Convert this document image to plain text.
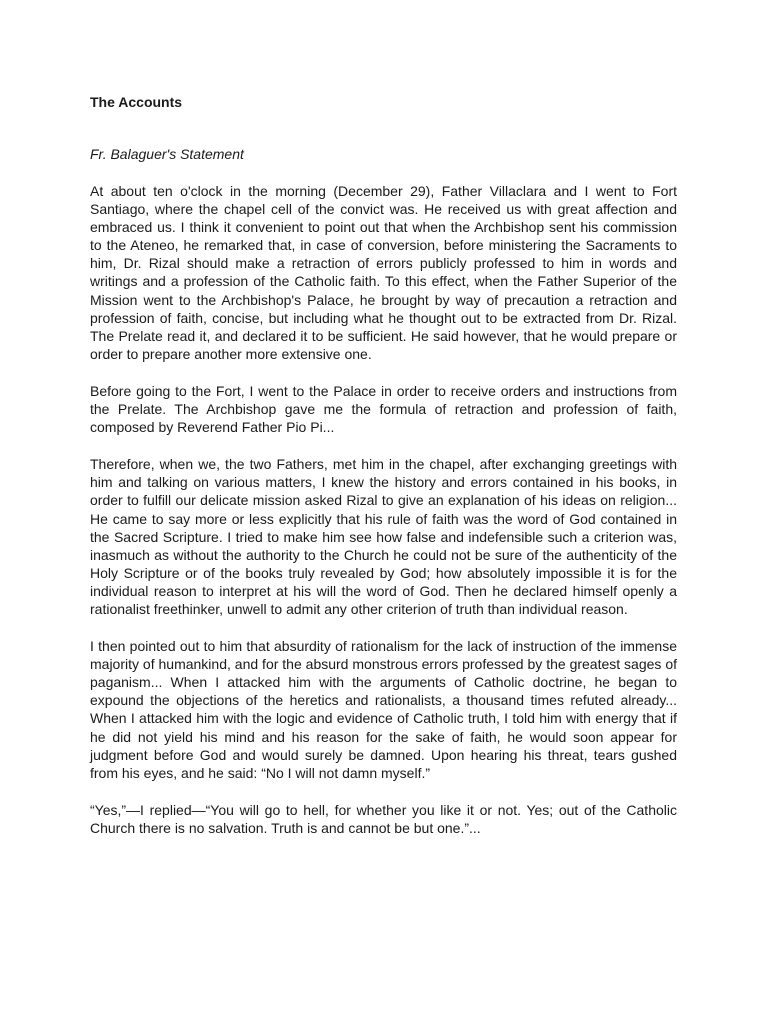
The Accounts
Fr. Balaguer's Statement

At about ten o'clock in the morning (December 29), Father Villaclara and I went to Fort Santiago, where the chapel cell of the convict was. He received us with great affection and embraced us. I think it convenient to point out that when the Archbishop sent his commission to the Ateneo, he remarked that, in case of conversion, before ministering the Sacraments to him, Dr. Rizal should make a retraction of errors publicly professed to him in words and writings and a profession of the Catholic faith. To this effect, when the Father Superior of the Mission went to the Archbishop's Palace, he brought by way of precaution a retraction and profession of faith, concise, but including what he thought out to be extracted from Dr. Rizal. The Prelate read it, and declared it to be sufficient. He said however, that he would prepare or order to prepare another more extensive one.

Before going to the Fort, I went to the Palace in order to receive orders and instructions from the Prelate. The Archbishop gave me the formula of retraction and profession of faith, composed by Reverend Father Pio Pi...

Therefore, when we, the two Fathers, met him in the chapel, after exchanging greetings with him and talking on various matters, I knew the history and errors contained in his books, in order to fulfill our delicate mission asked Rizal to give an explanation of his ideas on religion... He came to say more or less explicitly that his rule of faith was the word of God contained in the Sacred Scripture. I tried to make him see how false and indefensible such a criterion was, inasmuch as without the authority to the Church he could not be sure of the authenticity of the Holy Scripture or of the books truly revealed by God; how absolutely impossible it is for the individual reason to interpret at his will the word of God. Then he declared himself openly a rationalist freethinker, unwell to admit any other criterion of truth than individual reason.

I then pointed out to him that absurdity of rationalism for the lack of instruction of the immense majority of humankind, and for the absurd monstrous errors professed by the greatest sages of paganism... When I attacked him with the arguments of Catholic doctrine, he began to expound the objections of the heretics and rationalists, a thousand times refuted already... When I attacked him with the logic and evidence of Catholic truth, I told him with energy that if he did not yield his mind and his reason for the sake of faith, he would soon appear for judgment before God and would surely be damned. Upon hearing his threat, tears gushed from his eyes, and he said: “No I will not damn myself.”

“Yes,”—I replied—“You will go to hell, for whether you like it or not. Yes; out of the Catholic Church there is no salvation. Truth is and cannot be but one.”...
